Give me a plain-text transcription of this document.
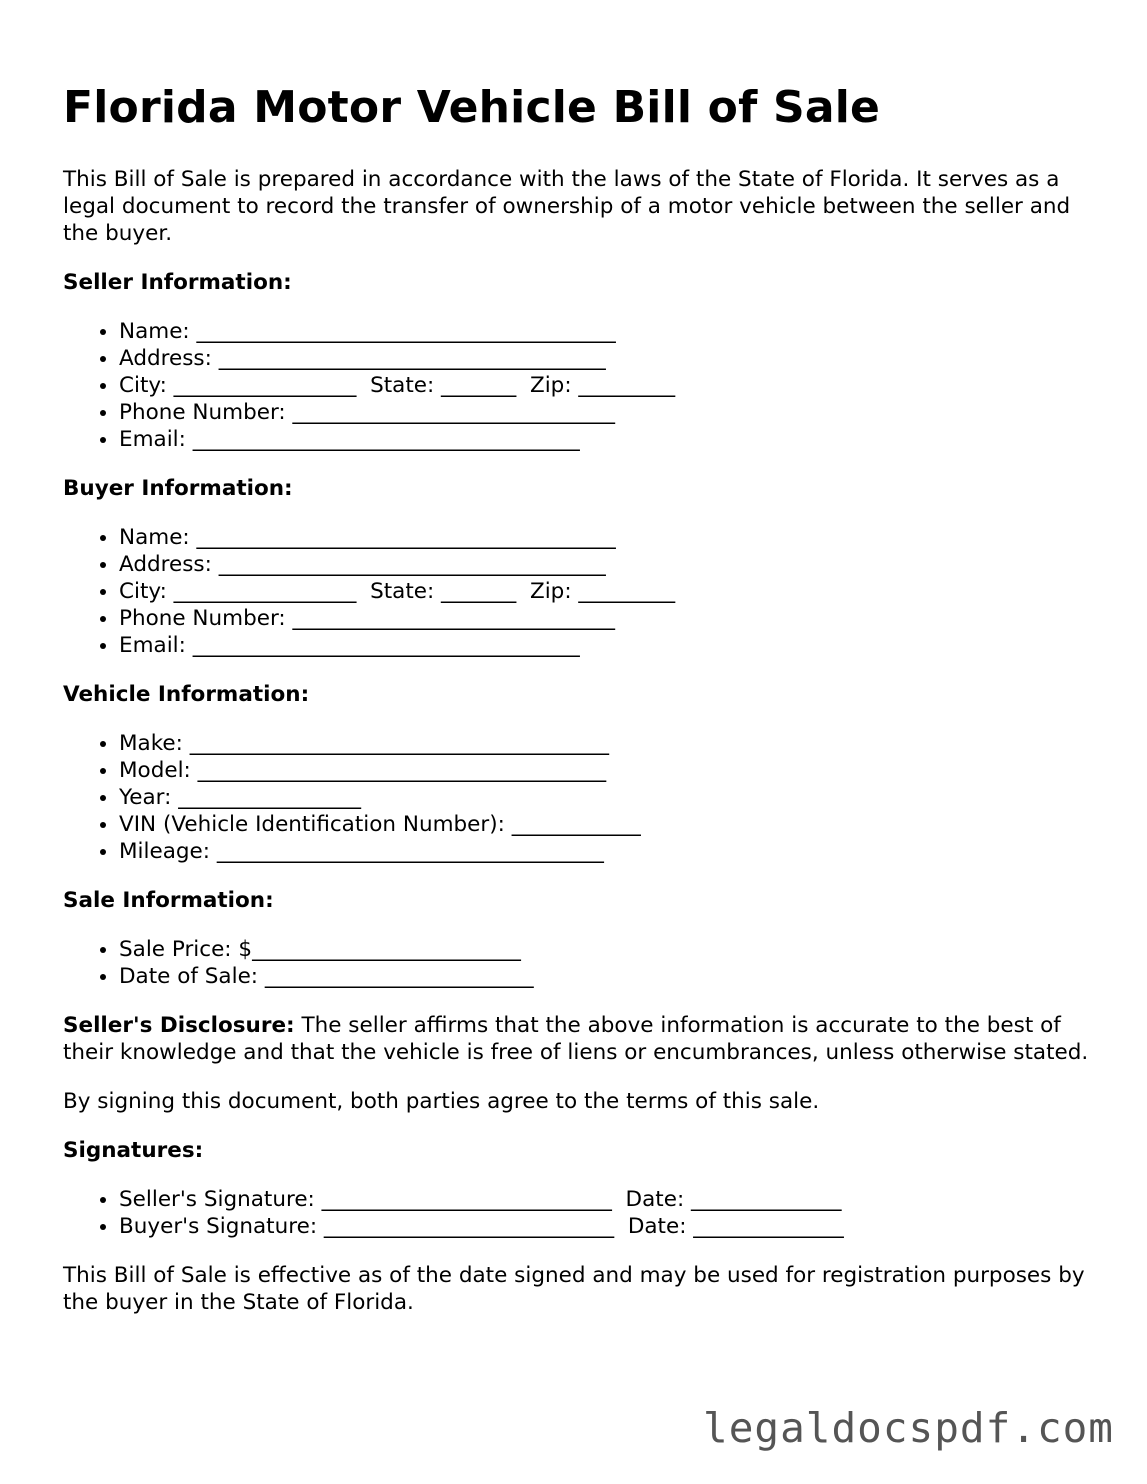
Florida Motor Vehicle Bill of Sale

This Bill of Sale is prepared in accordance with the laws of the State of Florida. It serves as a legal document to record the transfer of ownership of a motor vehicle between the seller and the buyer.

Seller Information:
• Name: _______________________________________
• Address: ____________________________________
• City: _________________  State: _______  Zip: _________
• Phone Number: ______________________________
• Email: ____________________________________
Buyer Information:
• Name: _______________________________________
• Address: ____________________________________
• City: _________________  State: _______  Zip: _________
• Phone Number: ______________________________
• Email: ____________________________________
Vehicle Information:
• Make: _______________________________________
• Model: ______________________________________
• Year: _________________
• VIN (Vehicle Identification Number): ____________
• Mileage: ____________________________________
Sale Information:
• Sale Price: $_________________________
• Date of Sale: _________________________

Seller's Disclosure: The seller affirms that the above information is accurate to the best of their knowledge and that the vehicle is free of liens or encumbrances, unless otherwise stated.

By signing this document, both parties agree to the terms of this sale.

Signatures:
• Seller's Signature: ___________________________  Date: ______________
• Buyer's Signature: ___________________________  Date: ______________

This Bill of Sale is effective as of the date signed and may be used for registration purposes by the buyer in the State of Florida.

legaldocspdf.com
